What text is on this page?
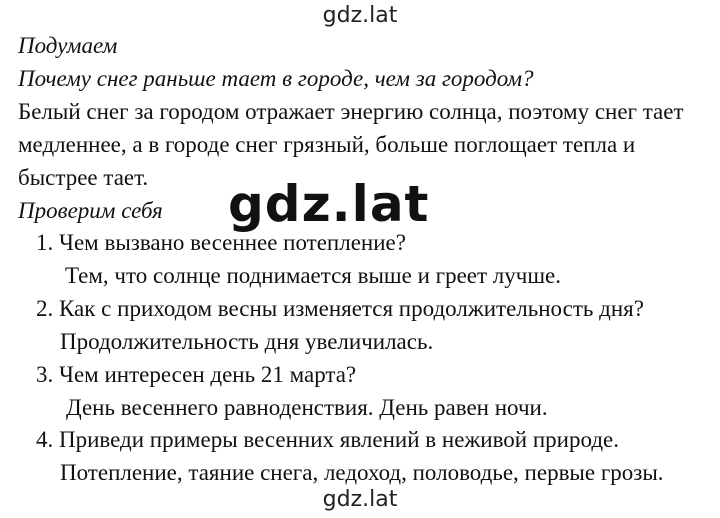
gdz.lat
Подумаем
Почему снег раньше тает в городе, чем за городом?
Белый снег за городом отражает энергию солнца, поэтому снег тает
медленнее, а в городе снег грязный, больше поглощает тепла и
быстрее тает.
Проверим себя
1. Чем вызвано весеннее потепление?
Тем, что солнце поднимается выше и греет лучше.
2. Как с приходом весны изменяется продолжительность дня?
Продолжительность дня увеличилась.
3. Чем интересен день 21 марта?
День весеннего равноденствия. День равен ночи.
4. Приведи примеры весенних явлений в неживой природе.
Потепление, таяние снега, ледоход, половодье, первые грозы.
gdz.lat
gdz.lat
